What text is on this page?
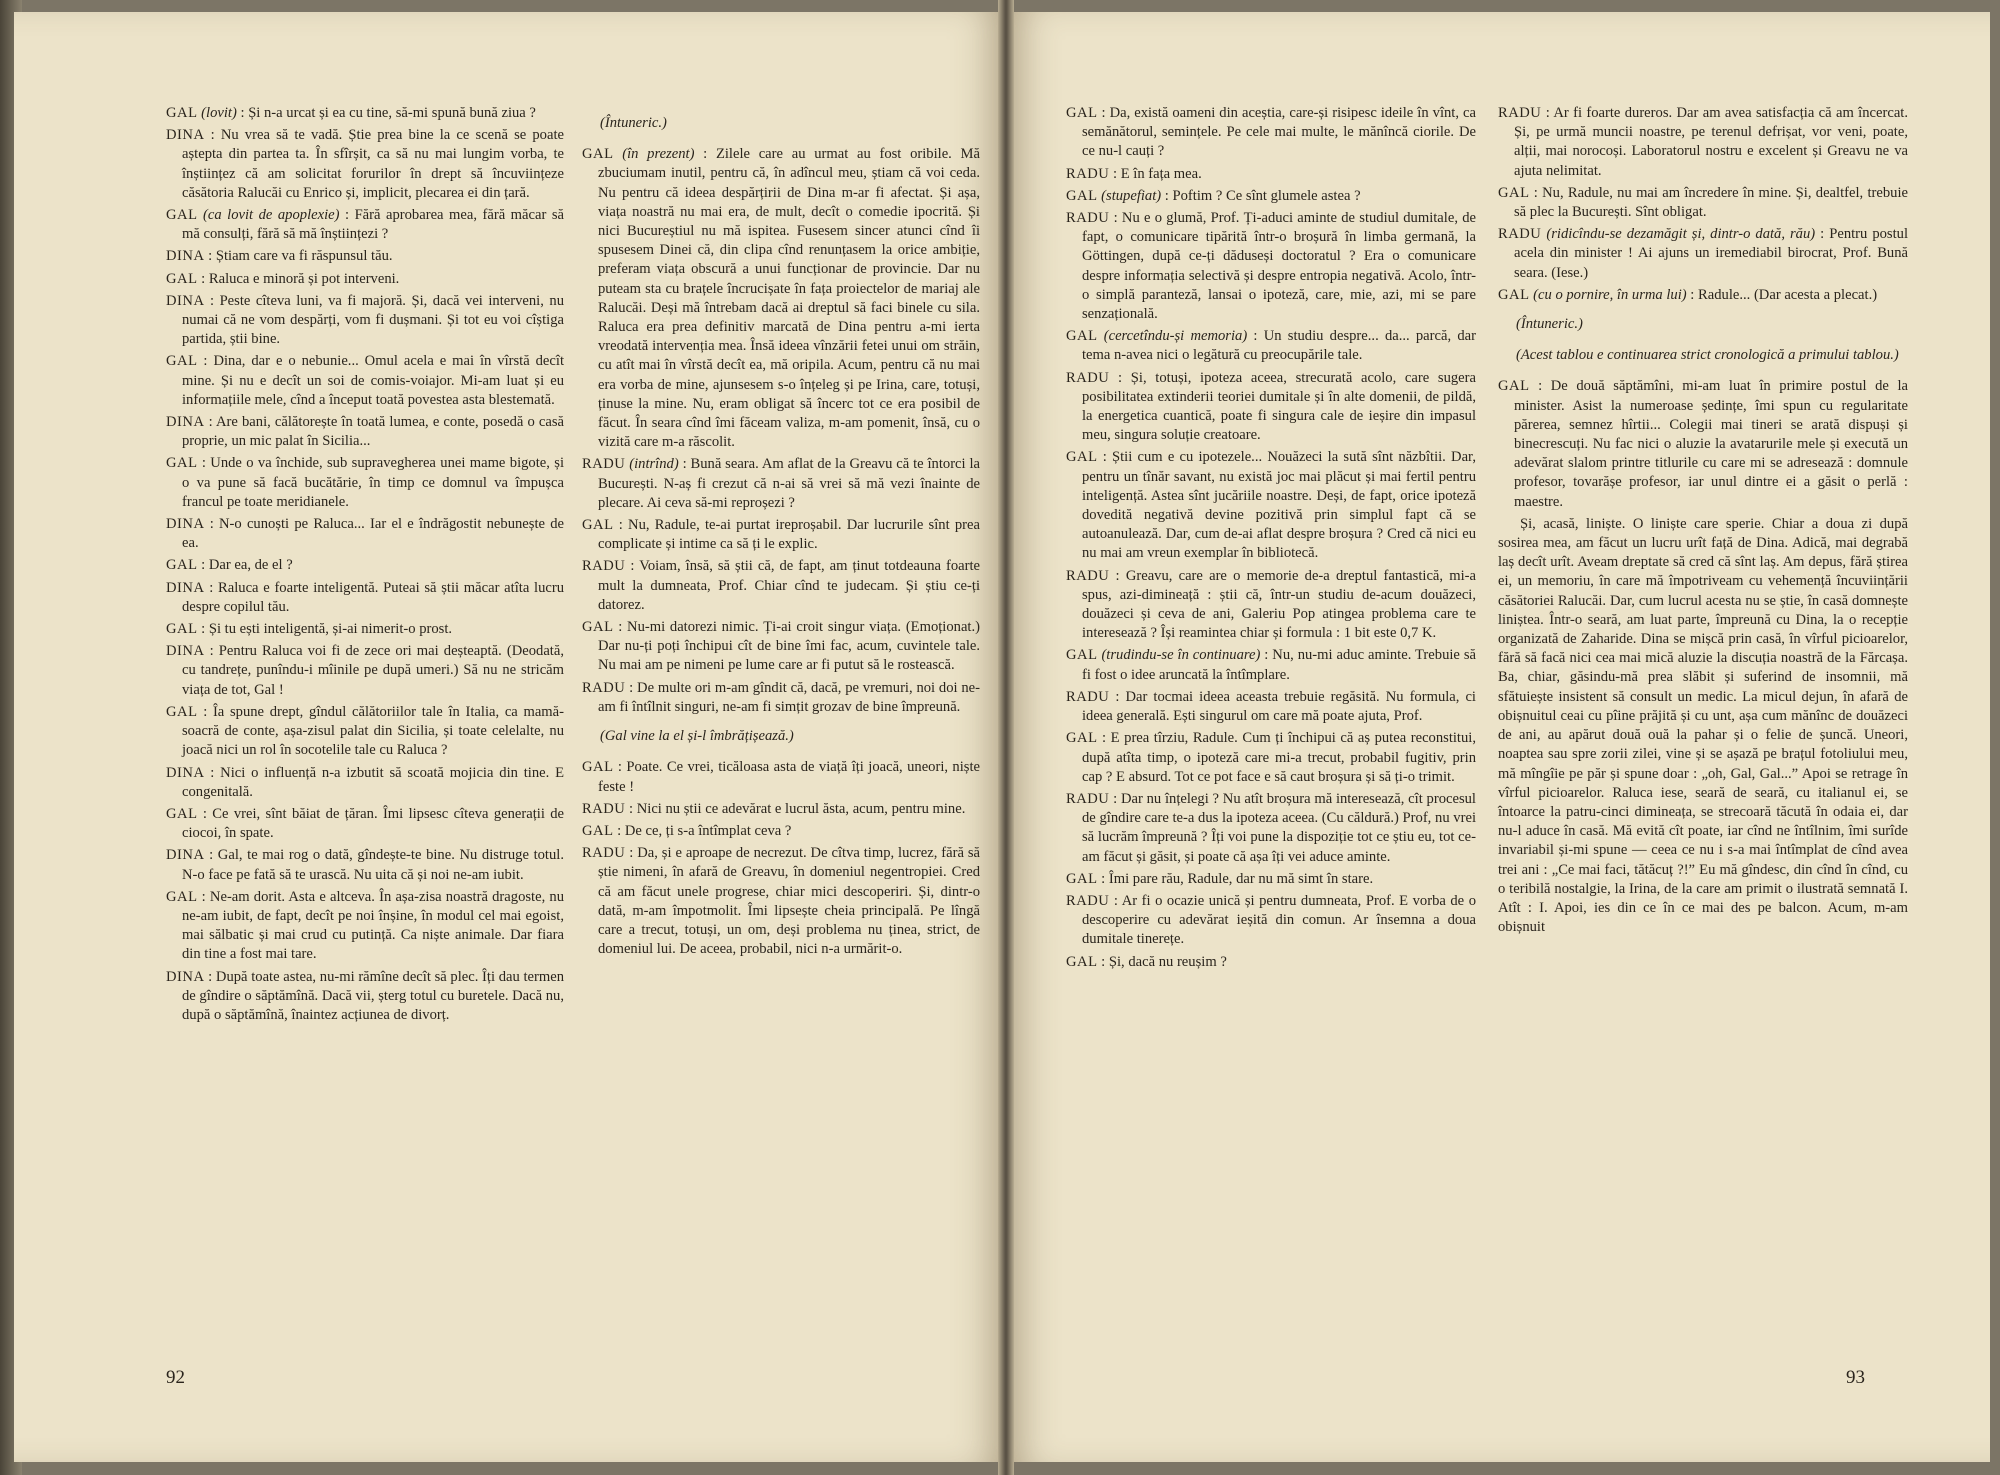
GAL (lovit) : Și n-a urcat și ea cu tine, să-mi spună bună ziua ?

DINA : Nu vrea să te vadă. Știe prea bine la ce scenă se poate aștepta din partea ta. În sfîrșit, ca să nu mai lungim vorba, te înștiințez că am solicitat forurilor în drept să încuviințeze căsătoria Ralucăi cu Enrico și, implicit, plecarea ei din țară.

GAL (ca lovit de apoplexie) : Fără aprobarea mea, fără măcar să mă consulți, fără să mă înștiințezi ?

DINA : Știam care va fi răspunsul tău.

GAL : Raluca e minoră și pot interveni.

DINA : Peste cîteva luni, va fi majoră. Și, dacă vei interveni, nu numai că ne vom despărți, vom fi dușmani. Și tot eu voi cîștiga partida, știi bine.

GAL : Dina, dar e o nebunie... Omul acela e mai în vîrstă decît mine. Și nu e decît un soi de comis-voiajor. Mi-am luat și eu informațiile mele, cînd a început toată povestea asta blestemată.

DINA : Are bani, călătorește în toată lumea, e conte, posedă o casă proprie, un mic palat în Sicilia...

GAL : Unde o va închide, sub supravegherea unei mame bigote, și o va pune să facă bucătărie, în timp ce domnul va împușca francul pe toate meridianele.

DINA : N-o cunoști pe Raluca... Iar el e îndrăgostit nebunește de ea.

GAL : Dar ea, de el ?

DINA : Raluca e foarte inteligentă. Puteai să știi măcar atîta lucru despre copilul tău.

GAL : Și tu ești inteligentă, și-ai nimerit-o prost.

DINA : Pentru Raluca voi fi de zece ori mai deșteaptă. (Deodată, cu tandrețe, punîndu-i mîinile pe după umeri.) Să nu ne stricăm viața de tot, Gal !

GAL : Îa spune drept, gîndul călătoriilor tale în Italia, ca mamă-soacră de conte, așa-zisul palat din Sicilia, și toate celelalte, nu joacă nici un rol în socotelile tale cu Raluca ?

DINA : Nici o influență n-a izbutit să scoată mojicia din tine. E congenitală.

GAL : Ce vrei, sînt băiat de țăran. Îmi lipsesc cîteva generații de ciocoi, în spate.

DINA : Gal, te mai rog o dată, gîndește-te bine. Nu distruge totul. N-o face pe fată să te urască. Nu uita că și noi ne-am iubit.

GAL : Ne-am dorit. Asta e altceva. În așa-zisa noastră dragoste, nu ne-am iubit, de fapt, decît pe noi înșine, în modul cel mai egoist, mai sălbatic și mai crud cu putință. Ca niște animale. Dar fiara din tine a fost mai tare.

DINA : După toate astea, nu-mi rămîne decît să plec. Îți dau termen de gîndire o săptămînă. Dacă vii, șterg totul cu buretele. Dacă nu, după o săptămînă, înaintez acțiunea de divorț.

(Întuneric.)

GAL (în prezent) : Zilele care au urmat au fost oribile. Mă zbuciumam inutil, pentru că, în adîncul meu, știam că voi ceda. Nu pentru că ideea despărțirii de Dina m-ar fi afectat. Și așa, viața noastră nu mai era, de mult, decît o comedie ipocrită. Și nici Bucureștiul nu mă ispitea. Fusesem sincer atunci cînd îi spusesem Dinei că, din clipa cînd renunțasem la orice ambiție, preferam viața obscură a unui funcționar de provincie. Dar nu puteam sta cu brațele încrucișate în fața proiectelor de mariaj ale Ralucăi. Deși mă întrebam dacă ai dreptul să faci binele cu sila. Raluca era prea definitiv marcată de Dina pentru a-mi ierta vreodată intervenția mea. Însă ideea vînzării fetei unui om străin, cu atît mai în vîrstă decît ea, mă oripila. Acum, pentru că nu mai era vorba de mine, ajunsesem s-o înțeleg și pe Irina, care, totuși, ținuse la mine. Nu, eram obligat să încerc tot ce era posibil de făcut. În seara cînd îmi făceam valiza, m-am pomenit, însă, cu o vizită care m-a răscolit.

RADU (intrînd) : Bună seara. Am aflat de la Greavu că te întorci la București. N-aș fi crezut că n-ai să vrei să mă vezi înainte de plecare. Ai ceva să-mi reproșezi ?

GAL : Nu, Radule, te-ai purtat ireproșabil. Dar lucrurile sînt prea complicate și intime ca să ți le explic.

RADU : Voiam, însă, să știi că, de fapt, am ținut totdeauna foarte mult la dumneata, Prof. Chiar cînd te judecam. Și știu ce-ți datorez.

GAL : Nu-mi datorezi nimic. Ți-ai croit singur viața. (Emoționat.) Dar nu-ți poți închipui cît de bine îmi fac, acum, cuvintele tale. Nu mai am pe nimeni pe lume care ar fi putut să le rostească.

RADU : De multe ori m-am gîndit că, dacă, pe vremuri, noi doi ne-am fi întîlnit singuri, ne-am fi simțit grozav de bine împreună.

(Gal vine la el și-l îmbrățișează.)

GAL : Poate. Ce vrei, ticăloasa asta de viață îți joacă, uneori, niște feste !

RADU : Nici nu știi ce adevărat e lucrul ăsta, acum, pentru mine.

GAL : De ce, ți s-a întîmplat ceva ?

RADU : Da, și e aproape de necrezut. De cîtva timp, lucrez, fără să știe nimeni, în afară de Greavu, în domeniul negentropiei. Cred că am făcut unele progrese, chiar mici descoperiri. Și, dintr-o dată, m-am împotmolit. Îmi lipsește cheia principală. Pe lîngă care a trecut, totuși, un om, deși problema nu ținea, strict, de domeniul lui. De aceea, probabil, nici n-a urmărit-o.

92

GAL : Da, există oameni din aceștia, care-și risipesc ideile în vînt, ca semănătorul, semințele. Pe cele mai multe, le mănîncă ciorile. De ce nu-l cauți ?

RADU : E în fața mea.

GAL (stupefiat) : Poftim ? Ce sînt glumele astea ?

RADU : Nu e o glumă, Prof. Ți-aduci aminte de studiul dumitale, de fapt, o comunicare tipărită într-o broșură în limba germană, la Göttingen, după ce-ți dăduseși doctoratul ? Era o comunicare despre informația selectivă și despre entropia negativă. Acolo, într-o simplă paranteză, lansai o ipoteză, care, mie, azi, mi se pare senzațională.

GAL (cercetîndu-și memoria) : Un studiu despre... da... parcă, dar tema n-avea nici o legătură cu preocupările tale.

RADU : Și, totuși, ipoteza aceea, strecurată acolo, care sugera posibilitatea extinderii teoriei dumitale și în alte domenii, de pildă, la energetica cuantică, poate fi singura cale de ieșire din impasul meu, singura soluție creatoare.

GAL : Știi cum e cu ipotezele... Nouăzeci la sută sînt năzbîtii. Dar, pentru un tînăr savant, nu există joc mai plăcut și mai fertil pentru inteligență. Astea sînt jucăriile noastre. Deși, de fapt, orice ipoteză dovedită negativă devine pozitivă prin simplul fapt că se autoanulează. Dar, cum de-ai aflat despre broșura ? Cred că nici eu nu mai am vreun exemplar în bibliotecă.

RADU : Greavu, care are o memorie de-a dreptul fantastică, mi-a spus, azi-dimineață : știi că, într-un studiu de-acum douăzeci, douăzeci și ceva de ani, Galeriu Pop atingea problema care te interesează ? Își reamintea chiar și formula : 1 bit este 0,7 K.

GAL (trudindu-se în continuare) : Nu, nu-mi aduc aminte. Trebuie să fi fost o idee aruncată la întîmplare.

RADU : Dar tocmai ideea aceasta trebuie regăsită. Nu formula, ci ideea generală. Ești singurul om care mă poate ajuta, Prof.

GAL : E prea tîrziu, Radule. Cum ți închipui că aș putea reconstitui, după atîta timp, o ipoteză care mi-a trecut, probabil fugitiv, prin cap ? E absurd. Tot ce pot face e să caut broșura și să ți-o trimit.

RADU : Dar nu înțelegi ? Nu atît broșura mă interesează, cît procesul de gîndire care te-a dus la ipoteza aceea. (Cu căldură.) Prof, nu vrei să lucrăm împreună ? Îți voi pune la dispoziție tot ce știu eu, tot ce-am făcut și găsit, și poate că așa îți vei aduce aminte.

GAL : Îmi pare rău, Radule, dar nu mă simt în stare.

RADU : Ar fi o ocazie unică și pentru dumneata, Prof. E vorba de o descoperire cu adevărat ieșită din comun. Ar însemna a doua dumitale tinerețe.

GAL : Și, dacă nu reușim ?

RADU : Ar fi foarte dureros. Dar am avea satisfacția că am încercat. Și, pe urmă muncii noastre, pe terenul defrișat, vor veni, poate, alții, mai norocoși. Laboratorul nostru e excelent și Greavu ne va ajuta nelimitat.

GAL : Nu, Radule, nu mai am încredere în mine. Și, dealtfel, trebuie să plec la București. Sînt obligat.

RADU (ridicîndu-se dezamăgit și, dintr-o dată, rău) : Pentru postul acela din minister ! Ai ajuns un iremediabil birocrat, Prof. Bună seara. (Iese.)

GAL (cu o pornire, în urma lui) : Radule... (Dar acesta a plecat.)

(Întuneric.)

(Acest tablou e continuarea strict cronologică a primului tablou.)

GAL : De două săptămîni, mi-am luat în primire postul de la minister. Asist la numeroase ședințe, îmi spun cu regularitate părerea, semnez hîrtii... Colegii mai tineri se arată dispuși și binecrescuți. Nu fac nici o aluzie la avatarurile mele și execută un adevărat slalom printre titlurile cu care mi se adresează : domnule profesor, tovarășe profesor, iar unul dintre ei a găsit o perlă : maestre.

Și, acasă, liniște. O liniște care sperie. Chiar a doua zi după sosirea mea, am făcut un lucru urît față de Dina. Adică, mai degrabă laș decît urît. Aveam dreptate să cred că sînt laș. Am depus, fără știrea ei, un memoriu, în care mă împotriveam cu vehemență încuviințării căsătoriei Ralucăi. Dar, cum lucrul acesta nu se știe, în casă domnește liniștea. Într-o seară, am luat parte, împreună cu Dina, la o recepție organizată de Zaharide. Dina se mișcă prin casă, în vîrful picioarelor, fără să facă nici cea mai mică aluzie la discuția noastră de la Fărcașa. Ba, chiar, găsindu-mă prea slăbit și suferind de insomnii, mă sfătuiește insistent să consult un medic. La micul dejun, în afară de obișnuitul ceai cu pîine prăjită și cu unt, așa cum mănînc de douăzeci de ani, au apărut două ouă la pahar și o felie de șuncă. Uneori, noaptea sau spre zorii zilei, vine și se așază pe brațul fotoliului meu, mă mîngîie pe păr și spune doar : „oh, Gal, Gal...” Apoi se retrage în vîrful picioarelor. Raluca iese, seară de seară, cu italianul ei, se întoarce la patru-cinci dimineața, se strecoară tăcută în odaia ei, dar nu-l aduce în casă. Mă evită cît poate, iar cînd ne întîlnim, îmi surîde invariabil și-mi spune — ceea ce nu i s-a mai întîmplat de cînd avea trei ani : „Ce mai faci, tătăcuț ?!” Eu mă gîndesc, din cînd în cînd, cu o teribilă nostalgie, la Irina, de la care am primit o ilustrată semnată I. Atît : I. Apoi, ies din ce în ce mai des pe balcon. Acum, m-am obișnuit

93
